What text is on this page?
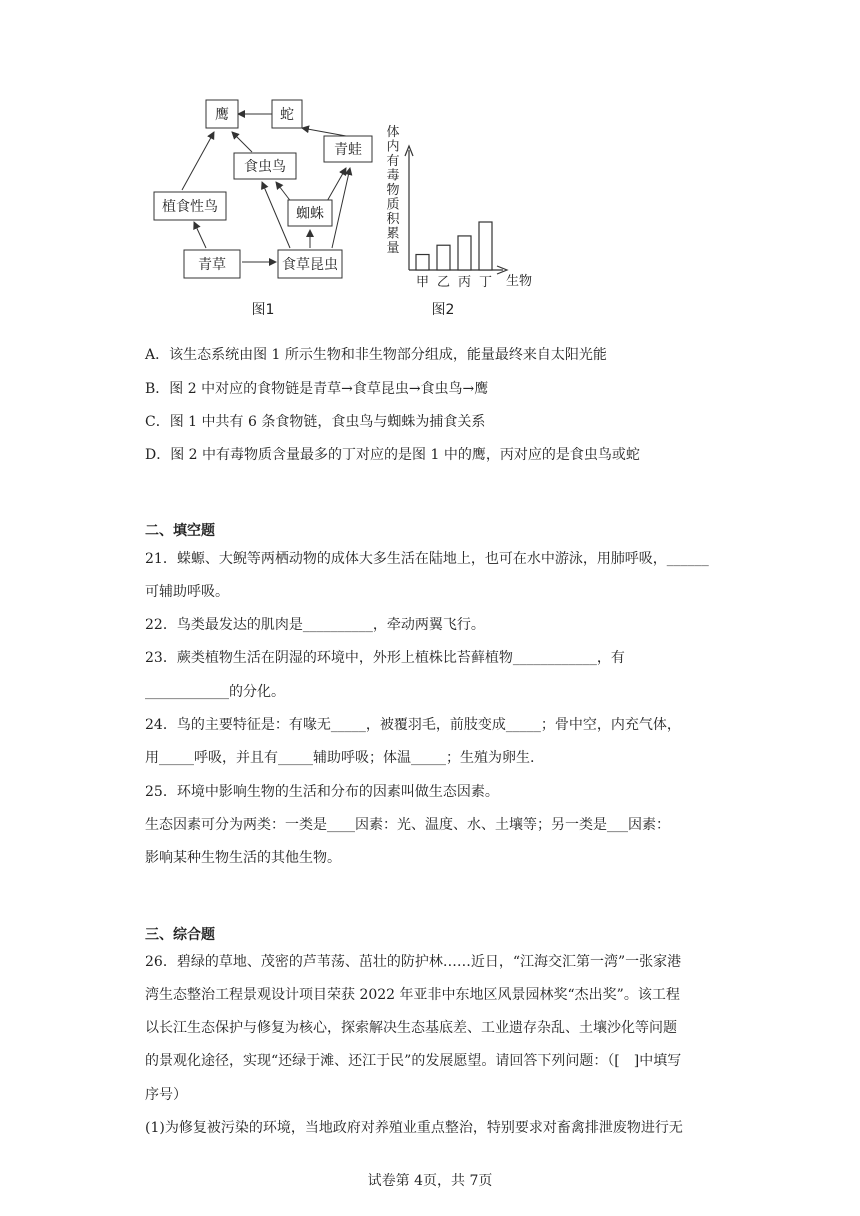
鹰	蛇
食虫鸟
青蛙
植食性鸟	蜘蛛
青草	食草昆虫
图1
体
内
有
毒
物
质
积
累
量
甲 乙 丙 丁 生物
图2
A．该生态系统由图 1 所示生物和非生物部分组成，能量最终来自太阳光能
B．图 2 中对应的食物链是青草→食草昆虫→食虫鸟→鹰
C．图 1 中共有 6 条食物链，食虫鸟与蜘蛛为捕食关系
D．图 2 中有毒物质含量最多的丁对应的是图 1 中的鹰，丙对应的是食虫鸟或蛇
二、填空题
21．蝾螈、大鲵等两栖动物的成体大多生活在陆地上，也可在水中游泳，用肺呼吸，______
可辅助呼吸。
22．鸟类最发达的肌肉是__________，牵动两翼飞行。
23．蕨类植物生活在阴湿的环境中，外形上植株比苔藓植物____________，有
____________的分化。
24．鸟的主要特征是：有喙无_____，被覆羽毛，前肢变成_____；骨中空，内充气体，
用_____呼吸，并且有_____辅助呼吸；体温_____；生殖为卵生.
25．环境中影响生物的生活和分布的因素叫做生态因素。
生态因素可分为两类：一类是____因素：光、温度、水、土壤等；另一类是___因素：
影响某种生物生活的其他生物。
三、综合题
26．碧绿的草地、茂密的芦苇荡、茁壮的防护林……近日，“江海交汇第一湾”一张家港
湾生态整治工程景观设计项目荣获 2022 年亚非中东地区风景园林奖“杰出奖”。该工程
以长江生态保护与修复为核心，探索解决生态基底差、工业遗存杂乱、土壤沙化等问题
的景观化途径，实现“还绿于滩、还江于民”的发展愿望。请回答下列问题：（[　]中填写
序号）
(1)为修复被污染的环境，当地政府对养殖业重点整治，特别要求对畜禽排泄废物进行无
试卷第 4页，共 7页
